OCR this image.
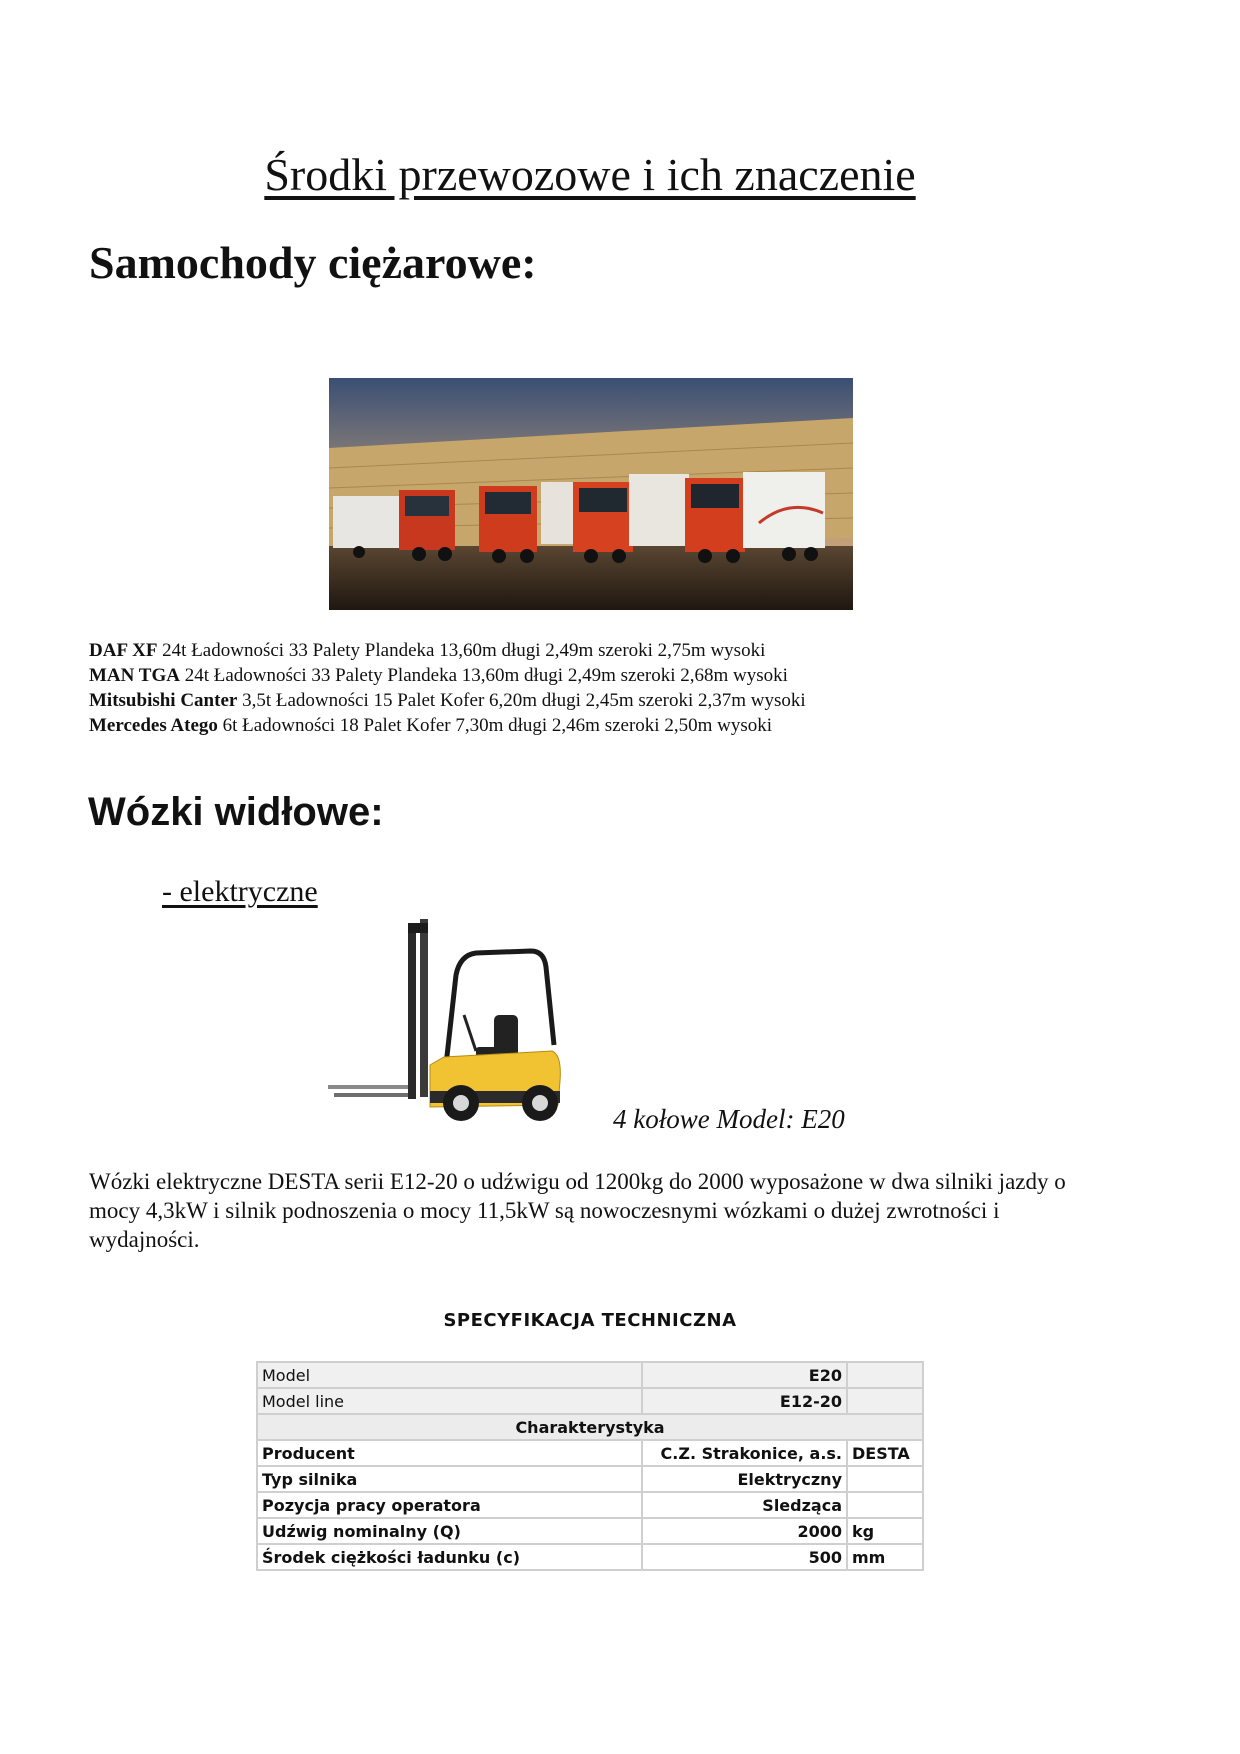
Środki przewozowe i ich znaczenie
Samochody ciężarowe:
DAF XF 24t Ładowności 33 Palety Plandeka 13,60m długi 2,49m szeroki 2,75m wysoki
MAN TGA 24t Ładowności 33 Palety Plandeka 13,60m długi 2,49m szeroki 2,68m wysoki
Mitsubishi Canter 3,5t Ładowności 15 Palet Kofer 6,20m długi 2,45m szeroki 2,37m wysoki
Mercedes Atego 6t Ładowności 18 Palet Kofer 7,30m długi 2,46m szeroki 2,50m wysoki
Wózki widłowe:
- elektryczne
4 kołowe Model: E20

Wózki elektryczne DESTA serii E12-20 o udźwigu od 1200kg do 2000 wyposażone w dwa silniki jazdy o mocy 4,3kW i silnik podnoszenia o mocy 11,5kW są nowoczesnymi wózkami o dużej zwrotności i wydajności.

SPECYFIKACJA TECHNICZNA
Model	E20	
Model line	E12-20	
Charakterystyka		
Producent	C.Z. Strakonice, a.s.	DESTA
Typ silnika	Elektryczny	
Pozycja pracy operatora	Sledząca	
Udźwig nominalny (Q)	2000	kg
Środek ciężkości ładunku (c)	500	mm
